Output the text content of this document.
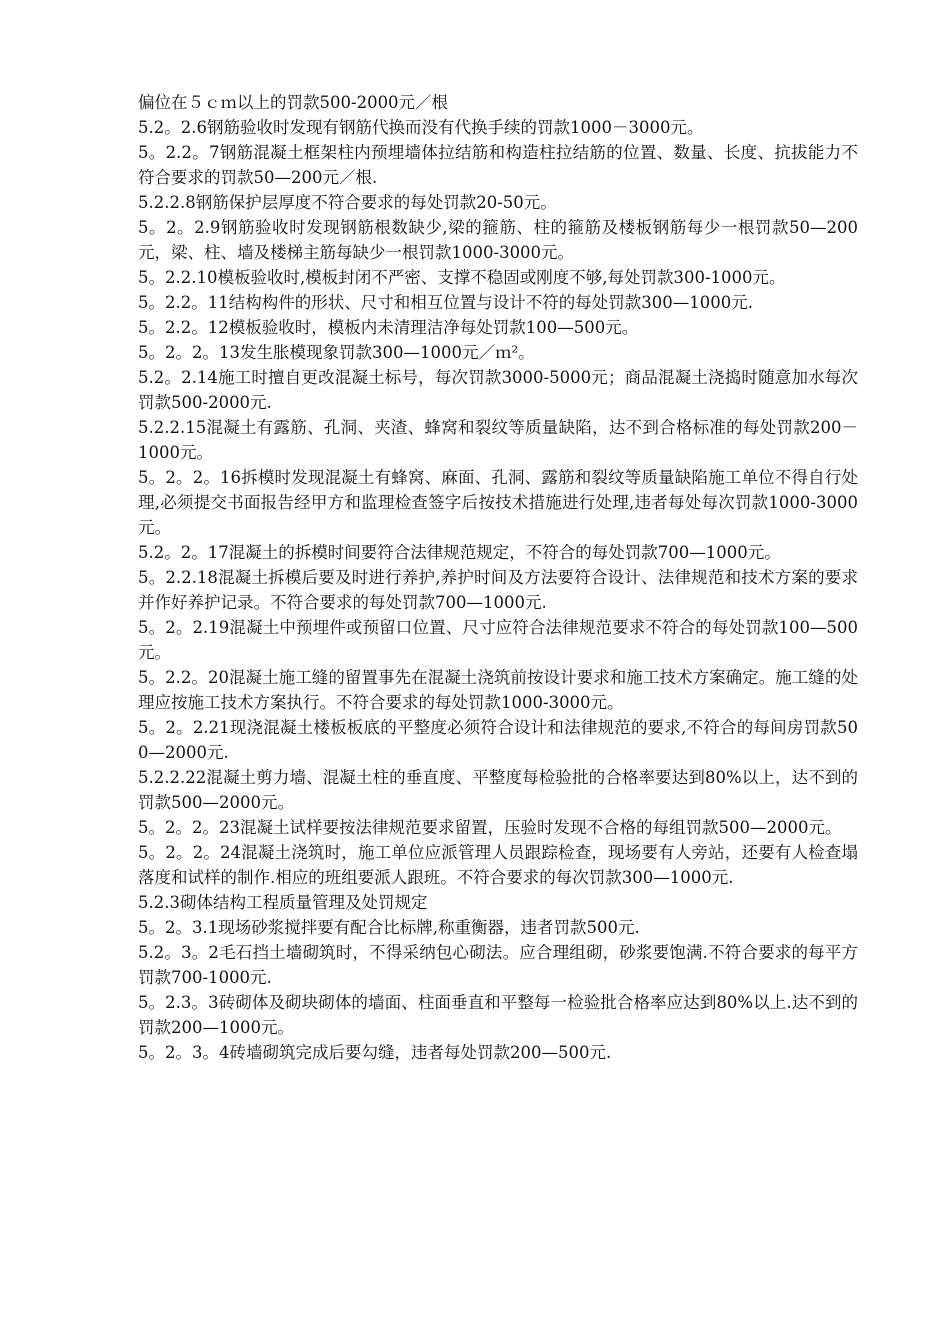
偏位在５ｃｍ以上的罚款500-2000元／根

5.2。2.6钢筋验收时发现有钢筋代换而没有代换手续的罚款1000－3000元。

5。2.2。7钢筋混凝土框架柱内预埋墙体拉结筋和构造柱拉结筋的位置、数量、长度、抗拔能力不符合要求的罚款50—200元／根.

5.2.2.8钢筋保护层厚度不符合要求的每处罚款20-50元。

5。2。2.9钢筋验收时发现钢筋根数缺少,梁的箍筋、柱的箍筋及楼板钢筋每少一根罚款50—200元，梁、柱、墙及楼梯主筋每缺少一根罚款1000-3000元。

5。2.2.10模板验收时,模板封闭不严密、支撑不稳固或刚度不够,每处罚款300-1000元。

5。2.2。11结构构件的形状、尺寸和相互位置与设计不符的每处罚款300—1000元.

5。2.2。12模板验收时，模板内未清理洁净每处罚款100—500元。

5。2。2。13发生胀模现象罚款300—1000元／ｍ²。

5.2。2.14施工时擅自更改混凝土标号，每次罚款3000-5000元；商品混凝土浇捣时随意加水每次罚款500-2000元.

5.2.2.15混凝土有露筋、孔洞、夹渣、蜂窝和裂纹等质量缺陷，达不到合格标准的每处罚款200－1000元。

5。2。2。16拆模时发现混凝土有蜂窝、麻面、孔洞、露筋和裂纹等质量缺陷施工单位不得自行处理,必须提交书面报告经甲方和监理检查签字后按技术措施进行处理,违者每处每次罚款1000-3000元。

5.2。2。17混凝土的拆模时间要符合法律规范规定，不符合的每处罚款700—1000元。

5。2.2.18混凝土拆模后要及时进行养护,养护时间及方法要符合设计、法律规范和技术方案的要求并作好养护记录。不符合要求的每处罚款700—1000元.

5。2。2.19混凝土中预埋件或预留口位置、尺寸应符合法律规范要求不符合的每处罚款100—500元。

5。2.2。20混凝土施工缝的留置事先在混凝土浇筑前按设计要求和施工技术方案确定。施工缝的处理应按施工技术方案执行。不符合要求的每处罚款1000-3000元。

5。2。2.21现浇混凝土楼板板底的平整度必须符合设计和法律规范的要求,不符合的每间房罚款500—2000元.

5.2.2.22混凝土剪力墙、混凝土柱的垂直度、平整度每检验批的合格率要达到80%以上，达不到的罚款500—2000元。

5。2。2。23混凝土试样要按法律规范要求留置，压验时发现不合格的每组罚款500—2000元。

5。2。2。24混凝土浇筑时，施工单位应派管理人员跟踪检查，现场要有人旁站，还要有人检查塌落度和试样的制作.相应的班组要派人跟班。不符合要求的每次罚款300—1000元.

5.2.3砌体结构工程质量管理及处罚规定

5。2。3.1现场砂浆搅拌要有配合比标牌,称重衡器，违者罚款500元.

5.2。3。2毛石挡土墙砌筑时，不得采纳包心砌法。应合理组砌，砂浆要饱满.不符合要求的每平方罚款700-1000元.

5。2.3。3砖砌体及砌块砌体的墙面、柱面垂直和平整每一检验批合格率应达到80%以上.达不到的罚款200—1000元。

5。2。3。4砖墙砌筑完成后要勾缝，违者每处罚款200—500元.
